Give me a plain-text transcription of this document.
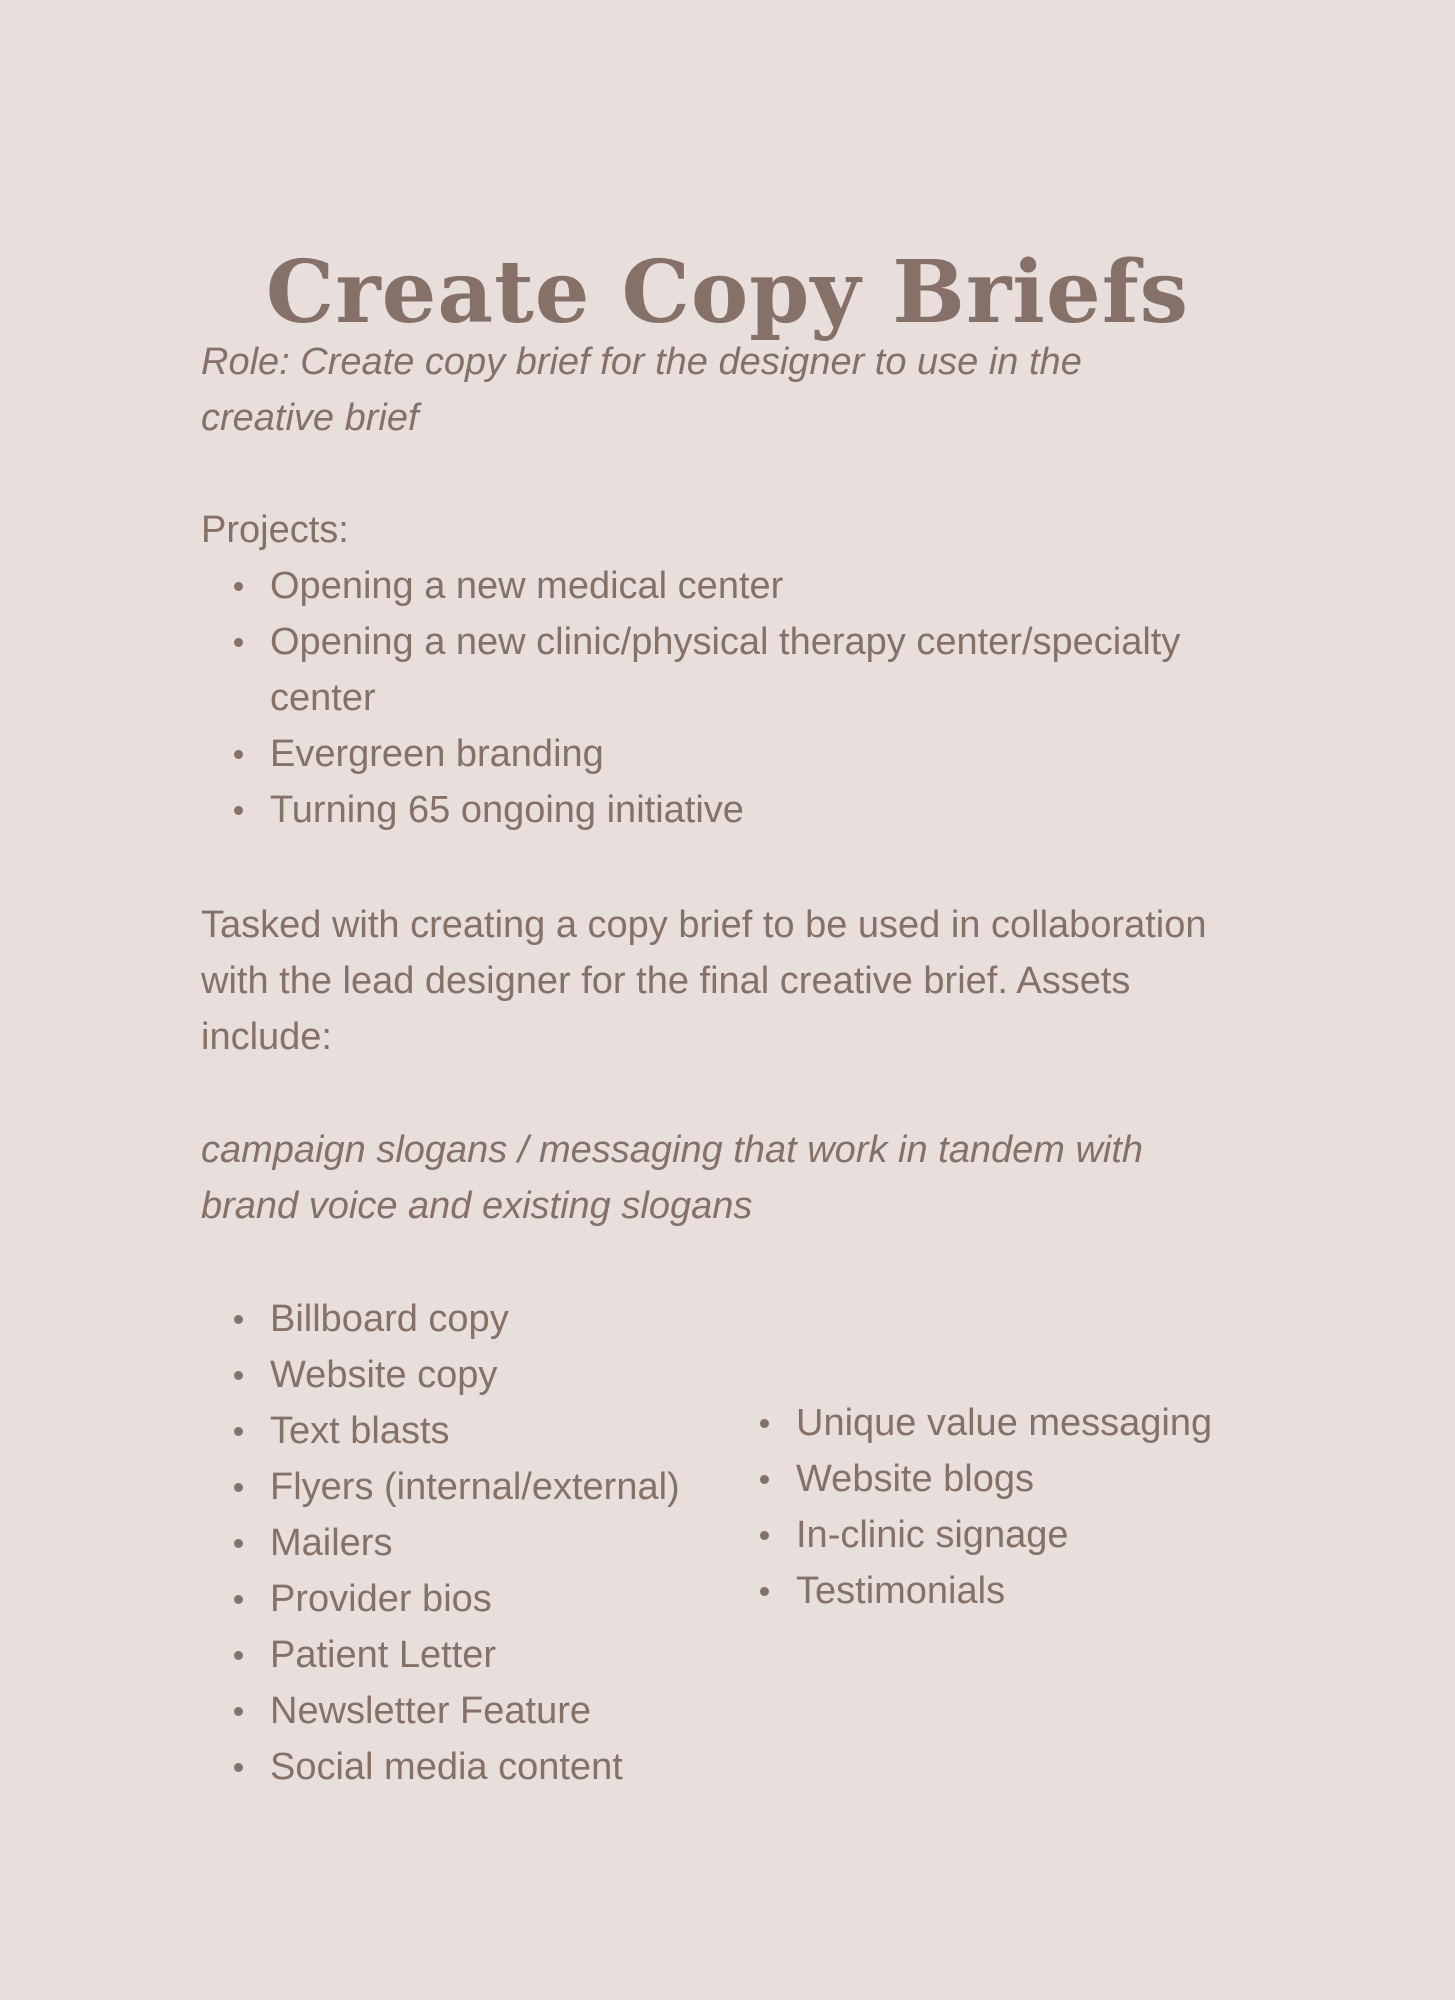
Create Copy Briefs

Role: Create copy brief for the designer to use in the creative brief

Projects:

Opening a new medical center
Opening a new clinic/physical therapy center/specialty center
Evergreen branding
Turning 65 ongoing initiative

Tasked with creating a copy brief to be used in collaboration with the lead designer for the final creative brief. Assets include:

campaign slogans / messaging that work in tandem with brand voice and existing slogans

Billboard copy
Website copy
Text blasts
Flyers (internal/external)
Mailers
Provider bios
Patient Letter
Newsletter Feature
Social media content
Unique value messaging
Website blogs
In-clinic signage
Testimonials
